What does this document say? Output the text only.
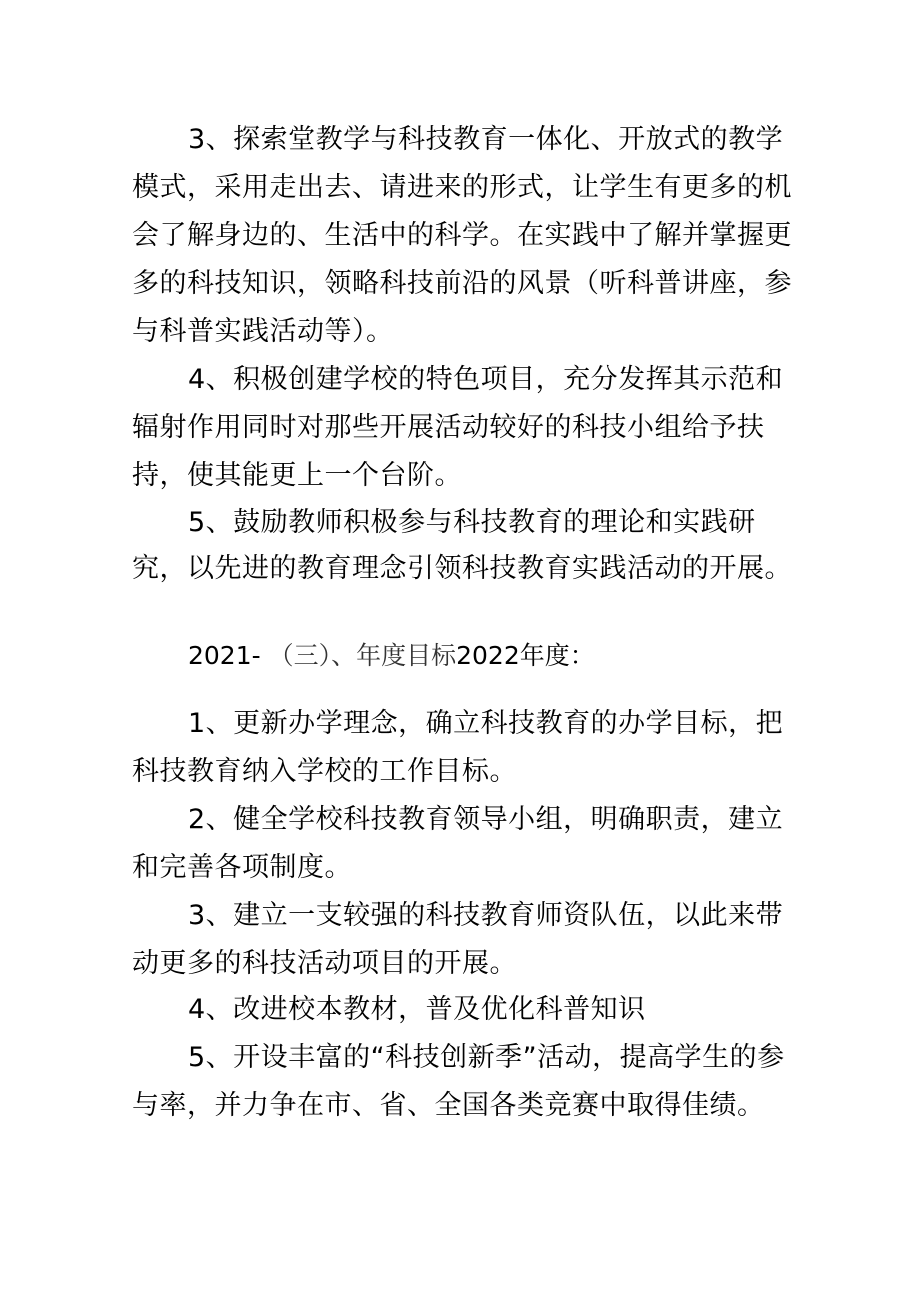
3、探索堂教学与科技教育一体化、开放式的教学模式，采用走出去、请进来的形式，让学生有更多的机会了解身边的、生活中的科学。在实践中了解并掌握更多的科技知识，领略科技前沿的风景（听科普讲座，参与科普实践活动等）。

4、积极创建学校的特色项目，充分发挥其示范和辐射作用同时对那些开展活动较好的科技小组给予扶持，使其能更上一个台阶。

5、鼓励教师积极参与科技教育的理论和实践研究，以先进的教育理念引领科技教育实践活动的开展。

2021- （三）、年度目标2022年度：

1、更新办学理念，确立科技教育的办学目标，把科技教育纳入学校的工作目标。

2、健全学校科技教育领导小组，明确职责，建立和完善各项制度。

3、建立一支较强的科技教育师资队伍，以此来带动更多的科技活动项目的开展。

4、改进校本教材，普及优化科普知识

5、开设丰富的“科技创新季”活动，提高学生的参与率，并力争在市、省、全国各类竞赛中取得佳绩。
